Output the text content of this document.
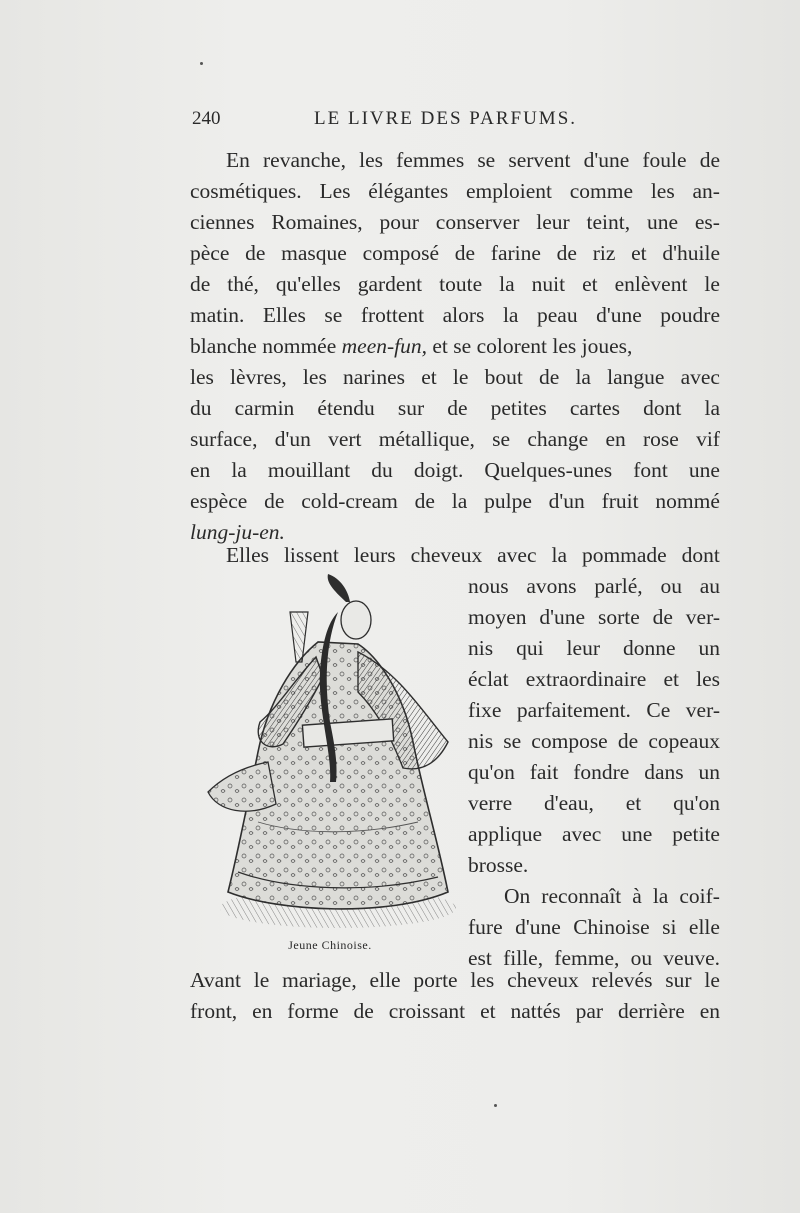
240	LE LIVRE DES PARFUMS.
En revanche, les femmes se servent d'une foule de
cosmétiques. Les élégantes emploient comme les an-
ciennes Romaines, pour conserver leur teint, une es-
pèce de masque composé de farine de riz et d'huile
de thé, qu'elles gardent toute la nuit et enlèvent le
matin. Elles se frottent alors la peau d'une poudre
blanche nommée meen-fun, et se colorent les joues,
les lèvres, les narines et le bout de la langue avec
du carmin étendu sur de petites cartes dont la
surface, d'un vert métallique, se change en rose vif
en la mouillant du doigt. Quelques-unes font une
espèce de cold-cream de la pulpe d'un fruit nommé
lung-ju-en.
Elles lissent leurs cheveux avec la pommade dont
Jeune Chinoise.
nous avons parlé, ou au
moyen d'une sorte de ver-
nis qui leur donne un
éclat extraordinaire et les
fixe parfaitement. Ce ver-
nis se compose de copeaux
qu'on fait fondre dans un
verre d'eau, et qu'on
applique avec une petite
brosse.
On reconnaît à la coif-
fure d'une Chinoise si elle
est fille, femme, ou veuve.
Avant le mariage, elle porte les cheveux relevés sur le
front, en forme de croissant et nattés par derrière en
